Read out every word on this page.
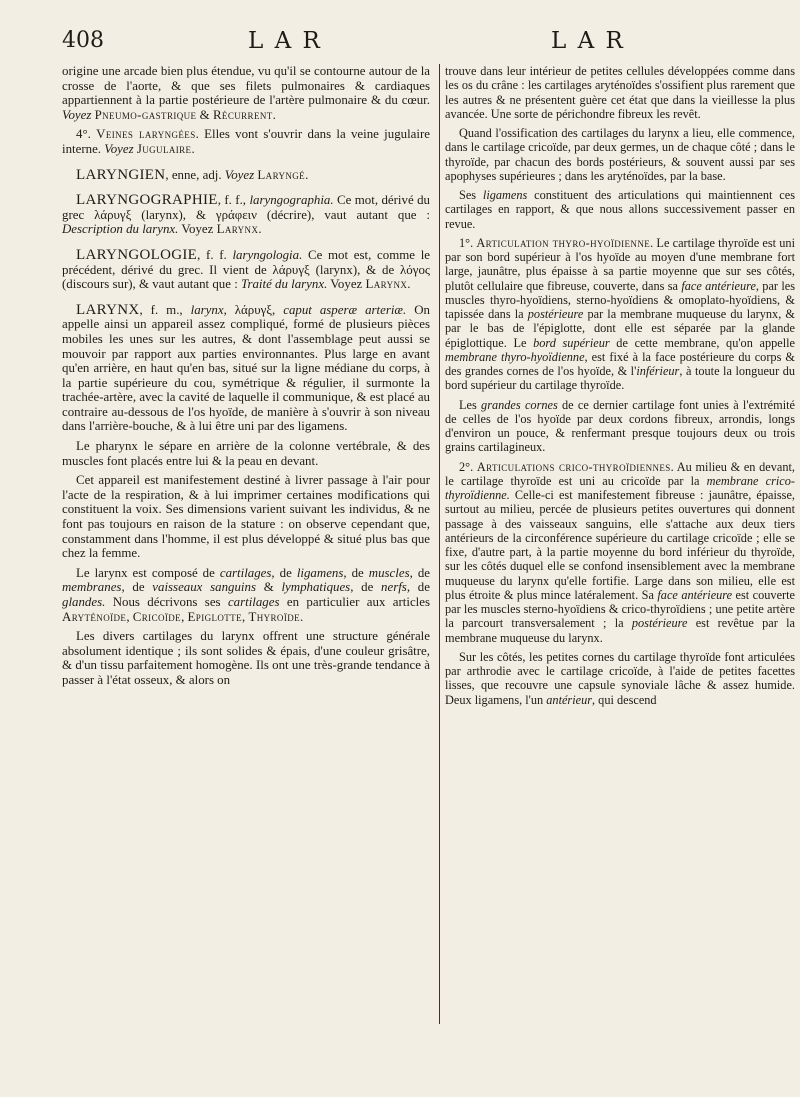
408	L A R	L A R

origine une arcade bien plus étendue, vu qu'il se contourne autour de la crosse de l'aorte, & que ses filets pulmonaires & cardiaques appartiennent à la partie postérieure de l'artère pulmonaire & du cœur. Voyez Pneumo-gastrique & Récurrent.

4°. Veines laryngées. Elles vont s'ouvrir dans la veine jugulaire interne. Voyez Jugulaire.

LARYNGIEN, enne, adj. Voyez Laryngé.

LARYNGOGRAPHIE, f. f., laryngographia. Ce mot, dérivé du grec λάρυγξ (larynx), & γράφειν (décrire), vaut autant que : Description du larynx. Voyez Larynx.

LARYNGOLOGIE, f. f. laryngologia. Ce mot est, comme le précédent, dérivé du grec. Il vient de λάρυγξ (larynx), & de λόγος (discours sur), & vaut autant que : Traité du larynx. Voyez Larynx.

LARYNX, f. m., larynx, λάρυγξ, caput asperæ arteriæ. On appelle ainsi un appareil assez compliqué, formé de plusieurs pièces mobiles les unes sur les autres, & dont l'assemblage peut aussi se mouvoir par rapport aux parties environnantes. Plus large en avant qu'en arrière, en haut qu'en bas, situé sur la ligne médiane du corps, à la partie supérieure du cou, symétrique & régulier, il surmonte la trachée-artère, avec la cavité de laquelle il communique, & est placé au contraire au-dessous de l'os hyoïde, de manière à s'ouvrir à son niveau dans l'arrière-bouche, & à lui être uni par des ligamens.

Le pharynx le sépare en arrière de la colonne vertébrale, & des muscles font placés entre lui & la peau en devant.

Cet appareil est manifestement destiné à livrer passage à l'air pour l'acte de la respiration, & à lui imprimer certaines modifications qui constituent la voix. Ses dimensions varient suivant les individus, & ne font pas toujours en raison de la stature : on observe cependant que, constamment dans l'homme, il est plus développé & situé plus bas que chez la femme.

Le larynx est composé de cartilages, de ligamens, de muscles, de membranes, de vaisseaux sanguins & lymphatiques, de nerfs, de glandes. Nous décrivons ses cartilages en particulier aux articles Aryténoïde, Cricoïde, Epiglotte, Thyroïde.

Les divers cartilages du larynx offrent une structure générale absolument identique ; ils sont solides & épais, d'une couleur grisâtre, & d'un tissu parfaitement homogène. Ils ont une très-grande tendance à passer à l'état osseux, & alors on

trouve dans leur intérieur de petites cellules développées comme dans les os du crâne : les cartilages aryténoïdes s'ossifient plus rarement que les autres & ne présentent guère cet état que dans la vieillesse la plus avancée. Une sorte de périchondre fibreux les revêt.

Quand l'ossification des cartilages du larynx a lieu, elle commence, dans le cartilage cricoïde, par deux germes, un de chaque côté ; dans le thyroïde, par chacun des bords postérieurs, & souvent aussi par ses apophyses supérieures ; dans les aryténoïdes, par la base.

Ses ligamens constituent des articulations qui maintiennent ces cartilages en rapport, & que nous allons successivement passer en revue.

1°. Articulation thyro-hyoïdienne. Le cartilage thyroïde est uni par son bord supérieur à l'os hyoïde au moyen d'une membrane fort large, jaunâtre, plus épaisse à sa partie moyenne que sur ses côtés, plutôt cellulaire que fibreuse, couverte, dans sa face antérieure, par les muscles thyro-hyoïdiens, sterno-hyoïdiens & omoplato-hyoïdiens, & tapissée dans la postérieure par la membrane muqueuse du larynx, & par le bas de l'épiglotte, dont elle est séparée par la glande épiglottique. Le bord supérieur de cette membrane, qu'on appelle membrane thyro-hyoïdienne, est fixé à la face postérieure du corps & des grandes cornes de l'os hyoïde, & l'inférieur, à toute la longueur du bord supérieur du cartilage thyroïde.

Les grandes cornes de ce dernier cartilage font unies à l'extrémité de celles de l'os hyoïde par deux cordons fibreux, arrondis, longs d'environ un pouce, & renfermant presque toujours deux ou trois grains cartilagineux.

2°. Articulations crico-thyroïdiennes. Au milieu & en devant, le cartilage thyroïde est uni au cricoïde par la membrane crico-thyroïdienne. Celle-ci est manifestement fibreuse : jaunâtre, épaisse, surtout au milieu, percée de plusieurs petites ouvertures qui donnent passage à des vaisseaux sanguins, elle s'attache aux deux tiers antérieurs de la circonférence supérieure du cartilage cricoïde ; elle se fixe, d'autre part, à la partie moyenne du bord inférieur du thyroïde, sur les côtés duquel elle se confond insensiblement avec la membrane muqueuse du larynx qu'elle fortifie. Large dans son milieu, elle est plus étroite & plus mince latéralement. Sa face antérieure est couverte par les muscles sterno-hyoïdiens & crico-thyroïdiens ; une petite artère la parcourt transversalement ; la postérieure est revêtue par la membrane muqueuse du larynx.

Sur les côtés, les petites cornes du cartilage thyroïde font articulées par arthrodie avec le cartilage cricoïde, à l'aide de petites facettes lisses, que recouvre une capsule synoviale lâche & assez humide. Deux ligamens, l'un antérieur, qui descend
